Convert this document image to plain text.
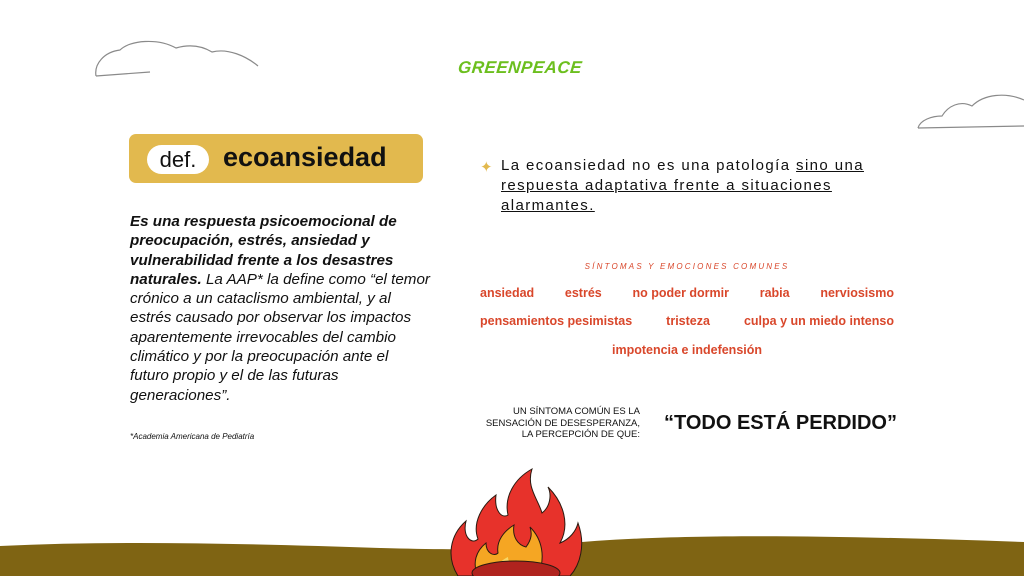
GREENPEACE
def. ecoansiedad
Es una respuesta psicoemocional de preocupación, estrés, ansiedad y vulnerabilidad frente a los desastres naturales. La AAP* la define como “el temor crónico a un cataclismo ambiental, y al estrés causado por observar los impactos aparentemente irrevocables del cambio climático y por la preocupación ante el futuro propio y el de las futuras generaciones”.
*Academia Americana de Pediatría
✦ La ecoansiedad no es una patología sino una respuesta adaptativa frente a situaciones alarmantes.
SÍNTOMAS Y EMOCIONES COMUNES
ansiedad estrés no poder dormir rabia nerviosismo
pensamientos pesimistas	tristeza	culpa y un miedo intenso
impotencia e indefensión
UN SÍNTOMA COMÚN ES LA
SENSACIÓN DE DESESPERANZA,
LA PERCEPCIÓN DE QUE:
“TODO ESTÁ PERDIDO”
